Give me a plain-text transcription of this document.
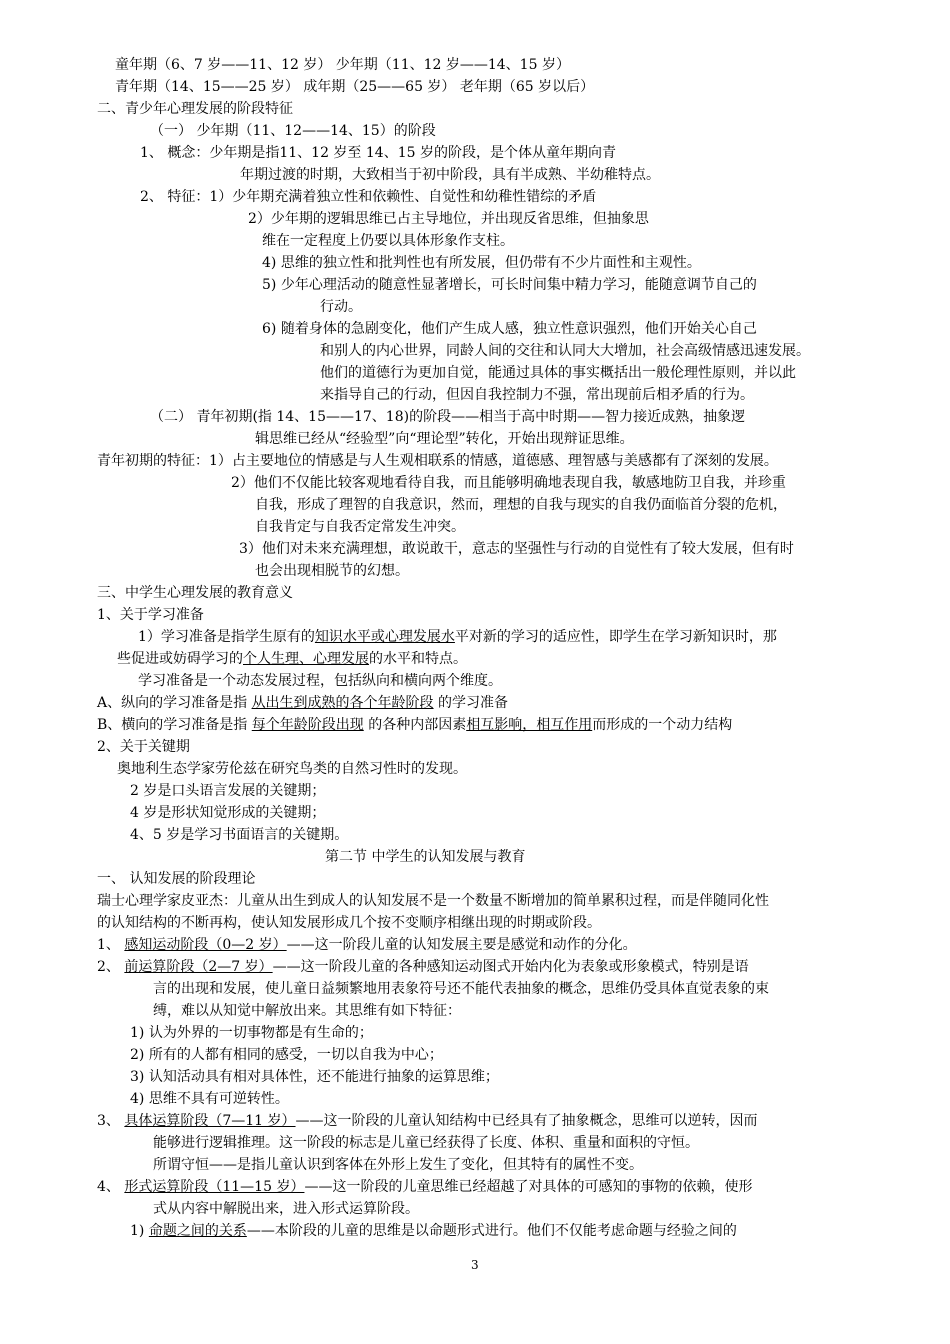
童年期（6、7 岁——11、12 岁） 少年期（11、12 岁——14、15 岁）
青年期（14、15——25 岁） 成年期（25——65 岁） 老年期（65 岁以后）
二、青少年心理发展的阶段特征
（一） 少年期（11、12——14、15）的阶段
1、 概念：少年期是指11、12 岁至 14、15 岁的阶段，是个体从童年期向青
年期过渡的时期，大致相当于初中阶段，具有半成熟、半幼稚特点。
2、 特征：1）少年期充满着独立性和依赖性、自觉性和幼稚性错综的矛盾
2）少年期的逻辑思维已占主导地位，并出现反省思维，但抽象思
维在一定程度上仍要以具体形象作支柱。
4) 思维的独立性和批判性也有所发展，但仍带有不少片面性和主观性。
5) 少年心理活动的随意性显著增长，可长时间集中精力学习，能随意调节自己的
行动。
6) 随着身体的急剧变化，他们产生成人感，独立性意识强烈，他们开始关心自己
和别人的内心世界，同龄人间的交往和认同大大增加，社会高级情感迅速发展。
他们的道德行为更加自觉，能通过具体的事实概括出一般伦理性原则，并以此
来指导自己的行动，但因自我控制力不强，常出现前后相矛盾的行为。
（二） 青年初期(指 14、15——17、18)的阶段——相当于高中时期——智力接近成熟，抽象逻
辑思维已经从“经验型”向“理论型”转化，开始出现辩证思维。
青年初期的特征：1）占主要地位的情感是与人生观相联系的情感，道德感、理智感与美感都有了深刻的发展。
2）他们不仅能比较客观地看待自我，而且能够明确地表现自我，敏感地防卫自我，并珍重
自我，形成了理智的自我意识，然而，理想的自我与现实的自我仍面临首分裂的危机，
自我肯定与自我否定常发生冲突。
3）他们对未来充满理想，敢说敢干，意志的坚强性与行动的自觉性有了较大发展，但有时
也会出现相脱节的幻想。
三、中学生心理发展的教育意义
1、关于学习准备
1）学习准备是指学生原有的知识水平或心理发展水平对新的学习的适应性，即学生在学习新知识时，那
些促进或妨碍学习的个人生理、心理发展的水平和特点。
学习准备是一个动态发展过程，包括纵向和横向两个维度。
A、纵向的学习准备是指 从出生到成熟的各个年龄阶段 的学习准备
B、横向的学习准备是指 每个年龄阶段出现 的各种内部因素相互影响，相互作用而形成的一个动力结构
2、关于关键期
奥地利生态学家劳伦兹在研究鸟类的自然习性时的发现。
2 岁是口头语言发展的关键期；
4 岁是形状知觉形成的关键期；
4、5 岁是学习书面语言的关键期。
第二节 中学生的认知发展与教育
一、 认知发展的阶段理论
瑞士心理学家皮亚杰：儿童从出生到成人的认知发展不是一个数量不断增加的简单累积过程，而是伴随同化性
的认知结构的不断再构，使认知发展形成几个按不变顺序相继出现的时期或阶段。
1、 感知运动阶段（0—2 岁）——这一阶段儿童的认知发展主要是感觉和动作的分化。
2、 前运算阶段（2—7 岁）——这一阶段儿童的各种感知运动图式开始内化为表象或形象模式，特别是语
言的出现和发展，使儿童日益频繁地用表象符号还不能代表抽象的概念，思维仍受具体直觉表象的束
缚，难以从知觉中解放出来。其思维有如下特征：
1) 认为外界的一切事物都是有生命的；
2) 所有的人都有相同的感受，一切以自我为中心；
3) 认知活动具有相对具体性，还不能进行抽象的运算思维；
4) 思维不具有可逆转性。
3、 具体运算阶段（7—11 岁）——这一阶段的儿童认知结构中已经具有了抽象概念，思维可以逆转，因而
能够进行逻辑推理。这一阶段的标志是儿童已经获得了长度、体积、重量和面积的守恒。
所谓守恒——是指儿童认识到客体在外形上发生了变化，但其特有的属性不变。
4、 形式运算阶段（11—15 岁）——这一阶段的儿童思维已经超越了对具体的可感知的事物的依赖，使形
式从内容中解脱出来，进入形式运算阶段。
1) 命题之间的关系——本阶段的儿童的思维是以命题形式进行。他们不仅能考虑命题与经验之间的
3
